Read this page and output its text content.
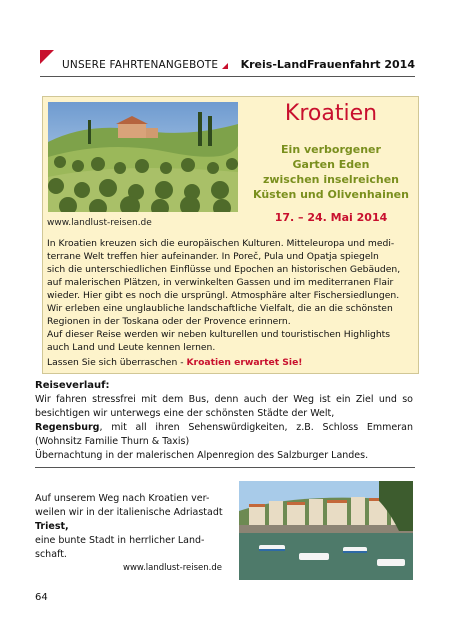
UNSERE FAHRTENANGEBOTE	Kreis-LandFrauenfahrt 2014
www.landlust-reisen.de
Kroatien
Ein verborgener
Garten Eden
zwischen inselreichen
Küsten und Olivenhainen
17. – 24. Mai 2014
In Kroatien kreuzen sich die europäischen Kulturen. Mitteleuropa und medi-
terrane Welt treffen hier aufeinander. In Poreč, Pula und Opatja spiegeln
sich die unterschiedlichen Einflüsse und Epochen an historischen Gebäuden,
auf malerischen Plätzen, in verwinkelten Gassen und im mediterranen Flair
wieder. Hier gibt es noch die ursprüngl. Atmosphäre alter Fischersiedlungen.
Wir erleben eine unglaubliche landschaftliche Vielfalt, die an die schönsten
Regionen in der Toskana oder der Provence erinnern.
Auf dieser Reise werden wir neben kulturellen und touristischen Highlights
auch Land und Leute kennen lernen.
Lassen Sie sich überraschen - Kroatien erwartet Sie!
Reiseverlauf:
Wir fahren stressfrei mit dem Bus, denn auch der Weg ist ein Ziel und so besichtigen wir unterwegs eine der schönsten Städte der Welt,
Regensburg, mit all ihren Sehenswürdigkeiten, z.B. Schloss Emmeran (Wohnsitz Familie Thurn & Taxis)
Übernachtung in der malerischen Alpenregion des Salzburger Landes.
Auf unserem Weg nach Kroatien ver-weilen wir in der italienische Adriastadt Triest,
eine bunte Stadt in herrlicher Land-schaft.
www.landlust-reisen.de
64
